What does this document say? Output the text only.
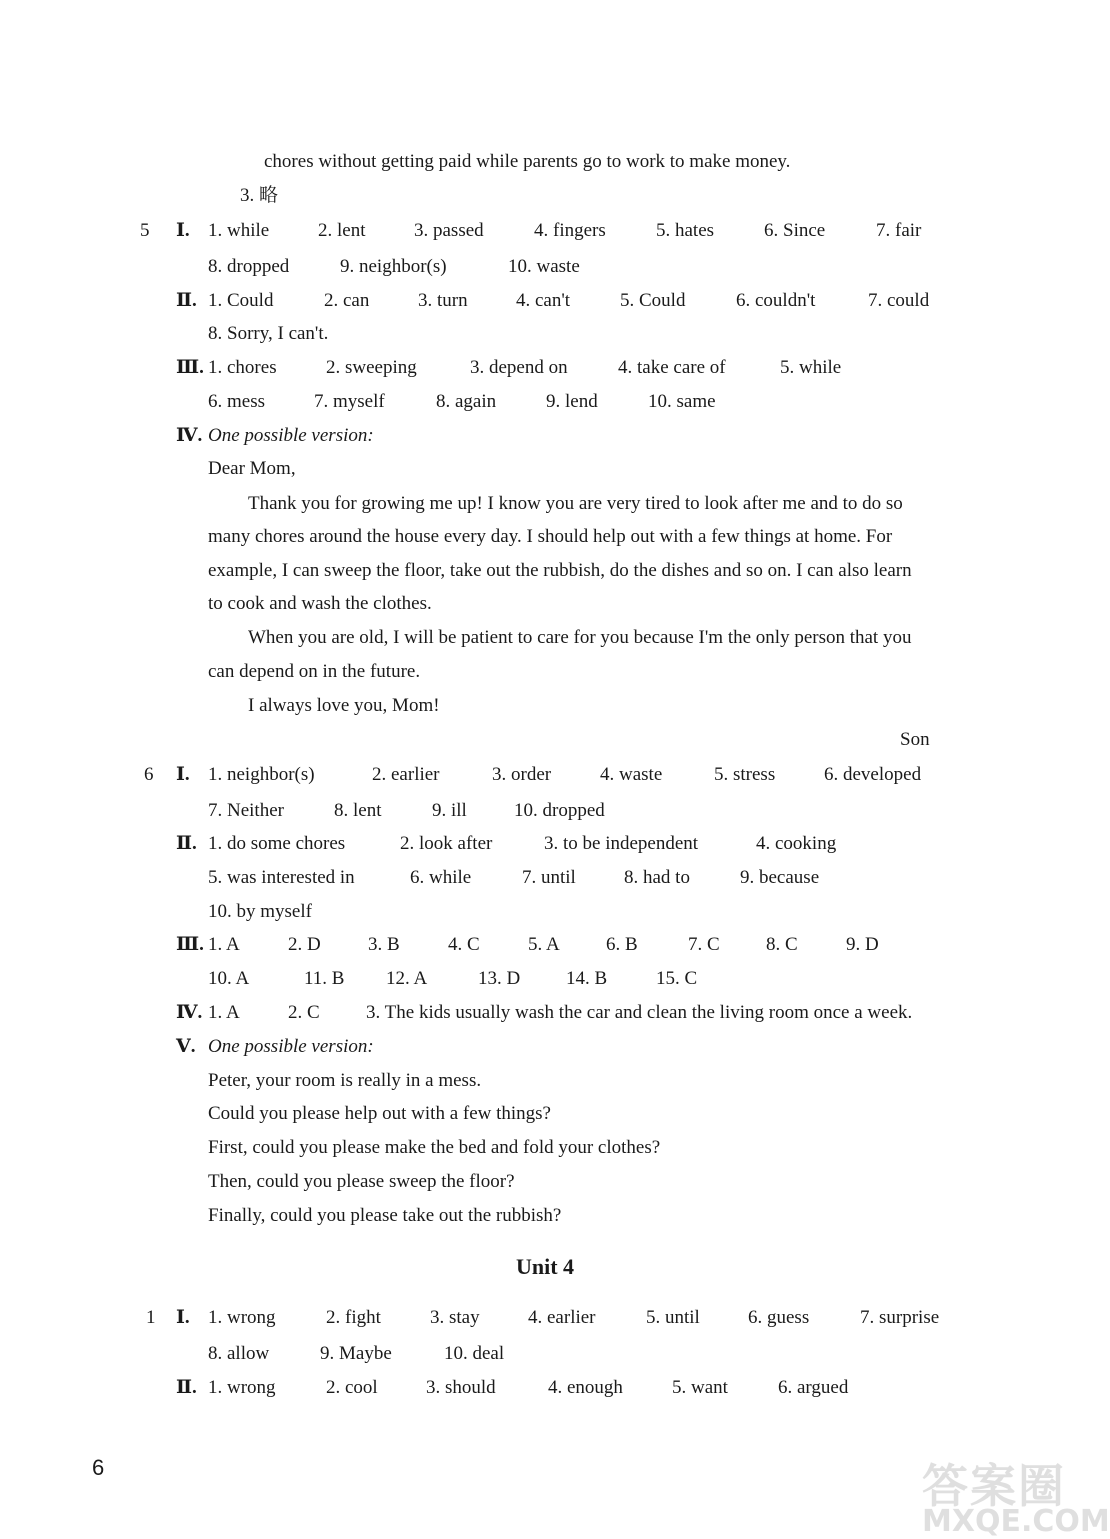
chores without getting paid while parents go to work to make money.
3. 略
5 Ⅰ. 1. while	2. lent	3. passed	4. fingers	5. hates	6. Since	7. fair
8. dropped	9. neighbor(s)	10. waste
Ⅱ. 1. Could	2. can	3. turn	4. can't	5. Could	6. couldn't	7. could
8. Sorry, I can't.
Ⅲ. 1. chores	2. sweeping	3. depend on	4. take care of	5. while
6. mess	7. myself	8. again	9. lend	10. same
Ⅳ. One possible version:
Dear Mom,
Thank you for growing me up! I know you are very tired to look after me and to do so
many chores around the house every day. I should help out with a few things at home. For
example, I can sweep the floor, take out the rubbish, do the dishes and so on. I can also learn
to cook and wash the clothes.
When you are old, I will be patient to care for you because I'm the only person that you
can depend on in the future.
I always love you, Mom!
Son
6 Ⅰ. 1. neighbor(s)	2. earlier	3. order	4. waste	5. stress	6. developed
7. Neither	8. lent	9. ill 10. dropped
Ⅱ. 1. do some chores	2. look after	3. to be independent	4. cooking
5. was interested in	6. while	7. until	8. had to	9. because
10. by myself
Ⅲ. 1. A	2. D 3. B	4. C	5. A 6. B	7. C 8. C	9. D
10. A	11. B 12. A	13. D 14. B	15. C
Ⅳ. 1. A	2. C 3. The kids usually wash the car and clean the living room once a week.
Ⅴ. One possible version:
Peter, your room is really in a mess.
Could you please help out with a few things?
First, could you please make the bed and fold your clothes?
Then, could you please sweep the floor?
Finally, could you please take out the rubbish?
Unit 4
1 Ⅰ. 1. wrong	2. fight	3. stay	4. earlier	5. until	6. guess	7. surprise
8. allow	9. Maybe	10. deal
Ⅱ. 1. wrong	2. cool	3. should	4. enough	5. want	6. argued
6	答案圈
MXQE.COM
